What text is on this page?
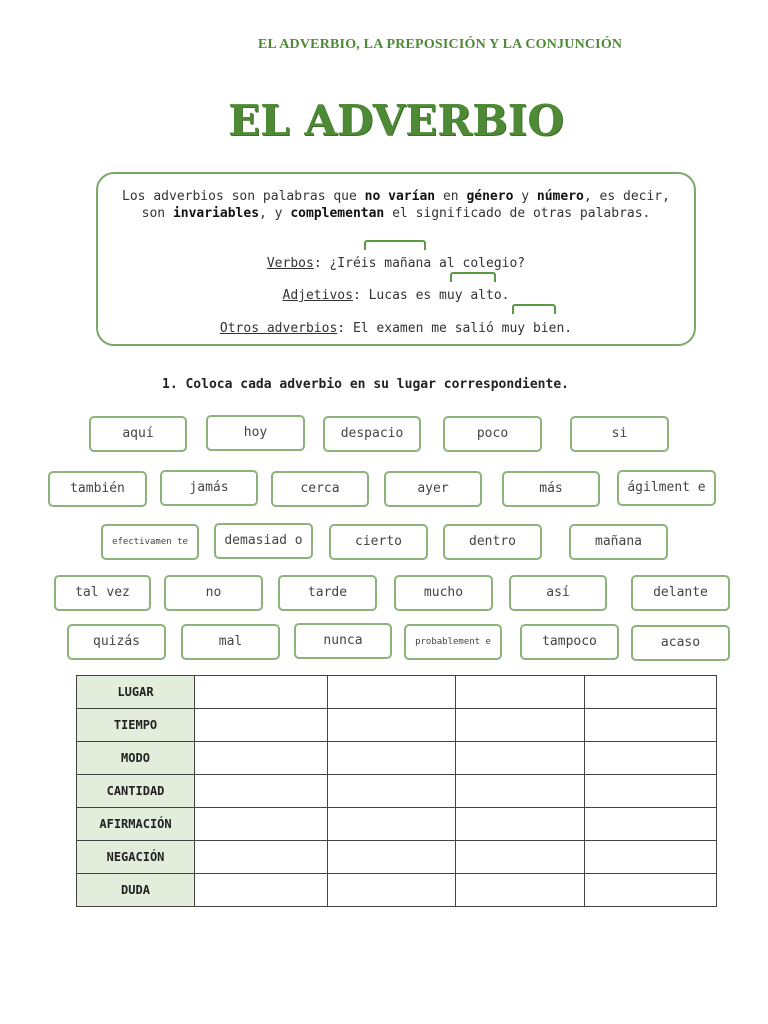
EL ADVERBIO, LA PREPOSICIÓN Y LA CONJUNCIÓN
EL ADVERBIO
Los adverbios son palabras que no varían en género y número, es decir, son invariables, y complementan el significado de otras palabras.
Verbos: ¿Iréis mañana al colegio?
Adjetivos: Lucas es muy alto.
Otros adverbios: El examen me salió muy bien.
1. Coloca cada adverbio en su lugar correspondiente.
aquí	hoy	despacio	poco	si
también	jamás	cerca	ayer	más	ágilment e
efectivamen te	demasiad o	cierto	dentro	mañana
tal vez	no	tarde	mucho	así	delante
quizás	mal	nunca	probablement e	tampoco	acaso
LUGAR				
TIEMPO				
MODO				
CANTIDAD				
AFIRMACIÓN				
NEGACIÓN				
DUDA				
